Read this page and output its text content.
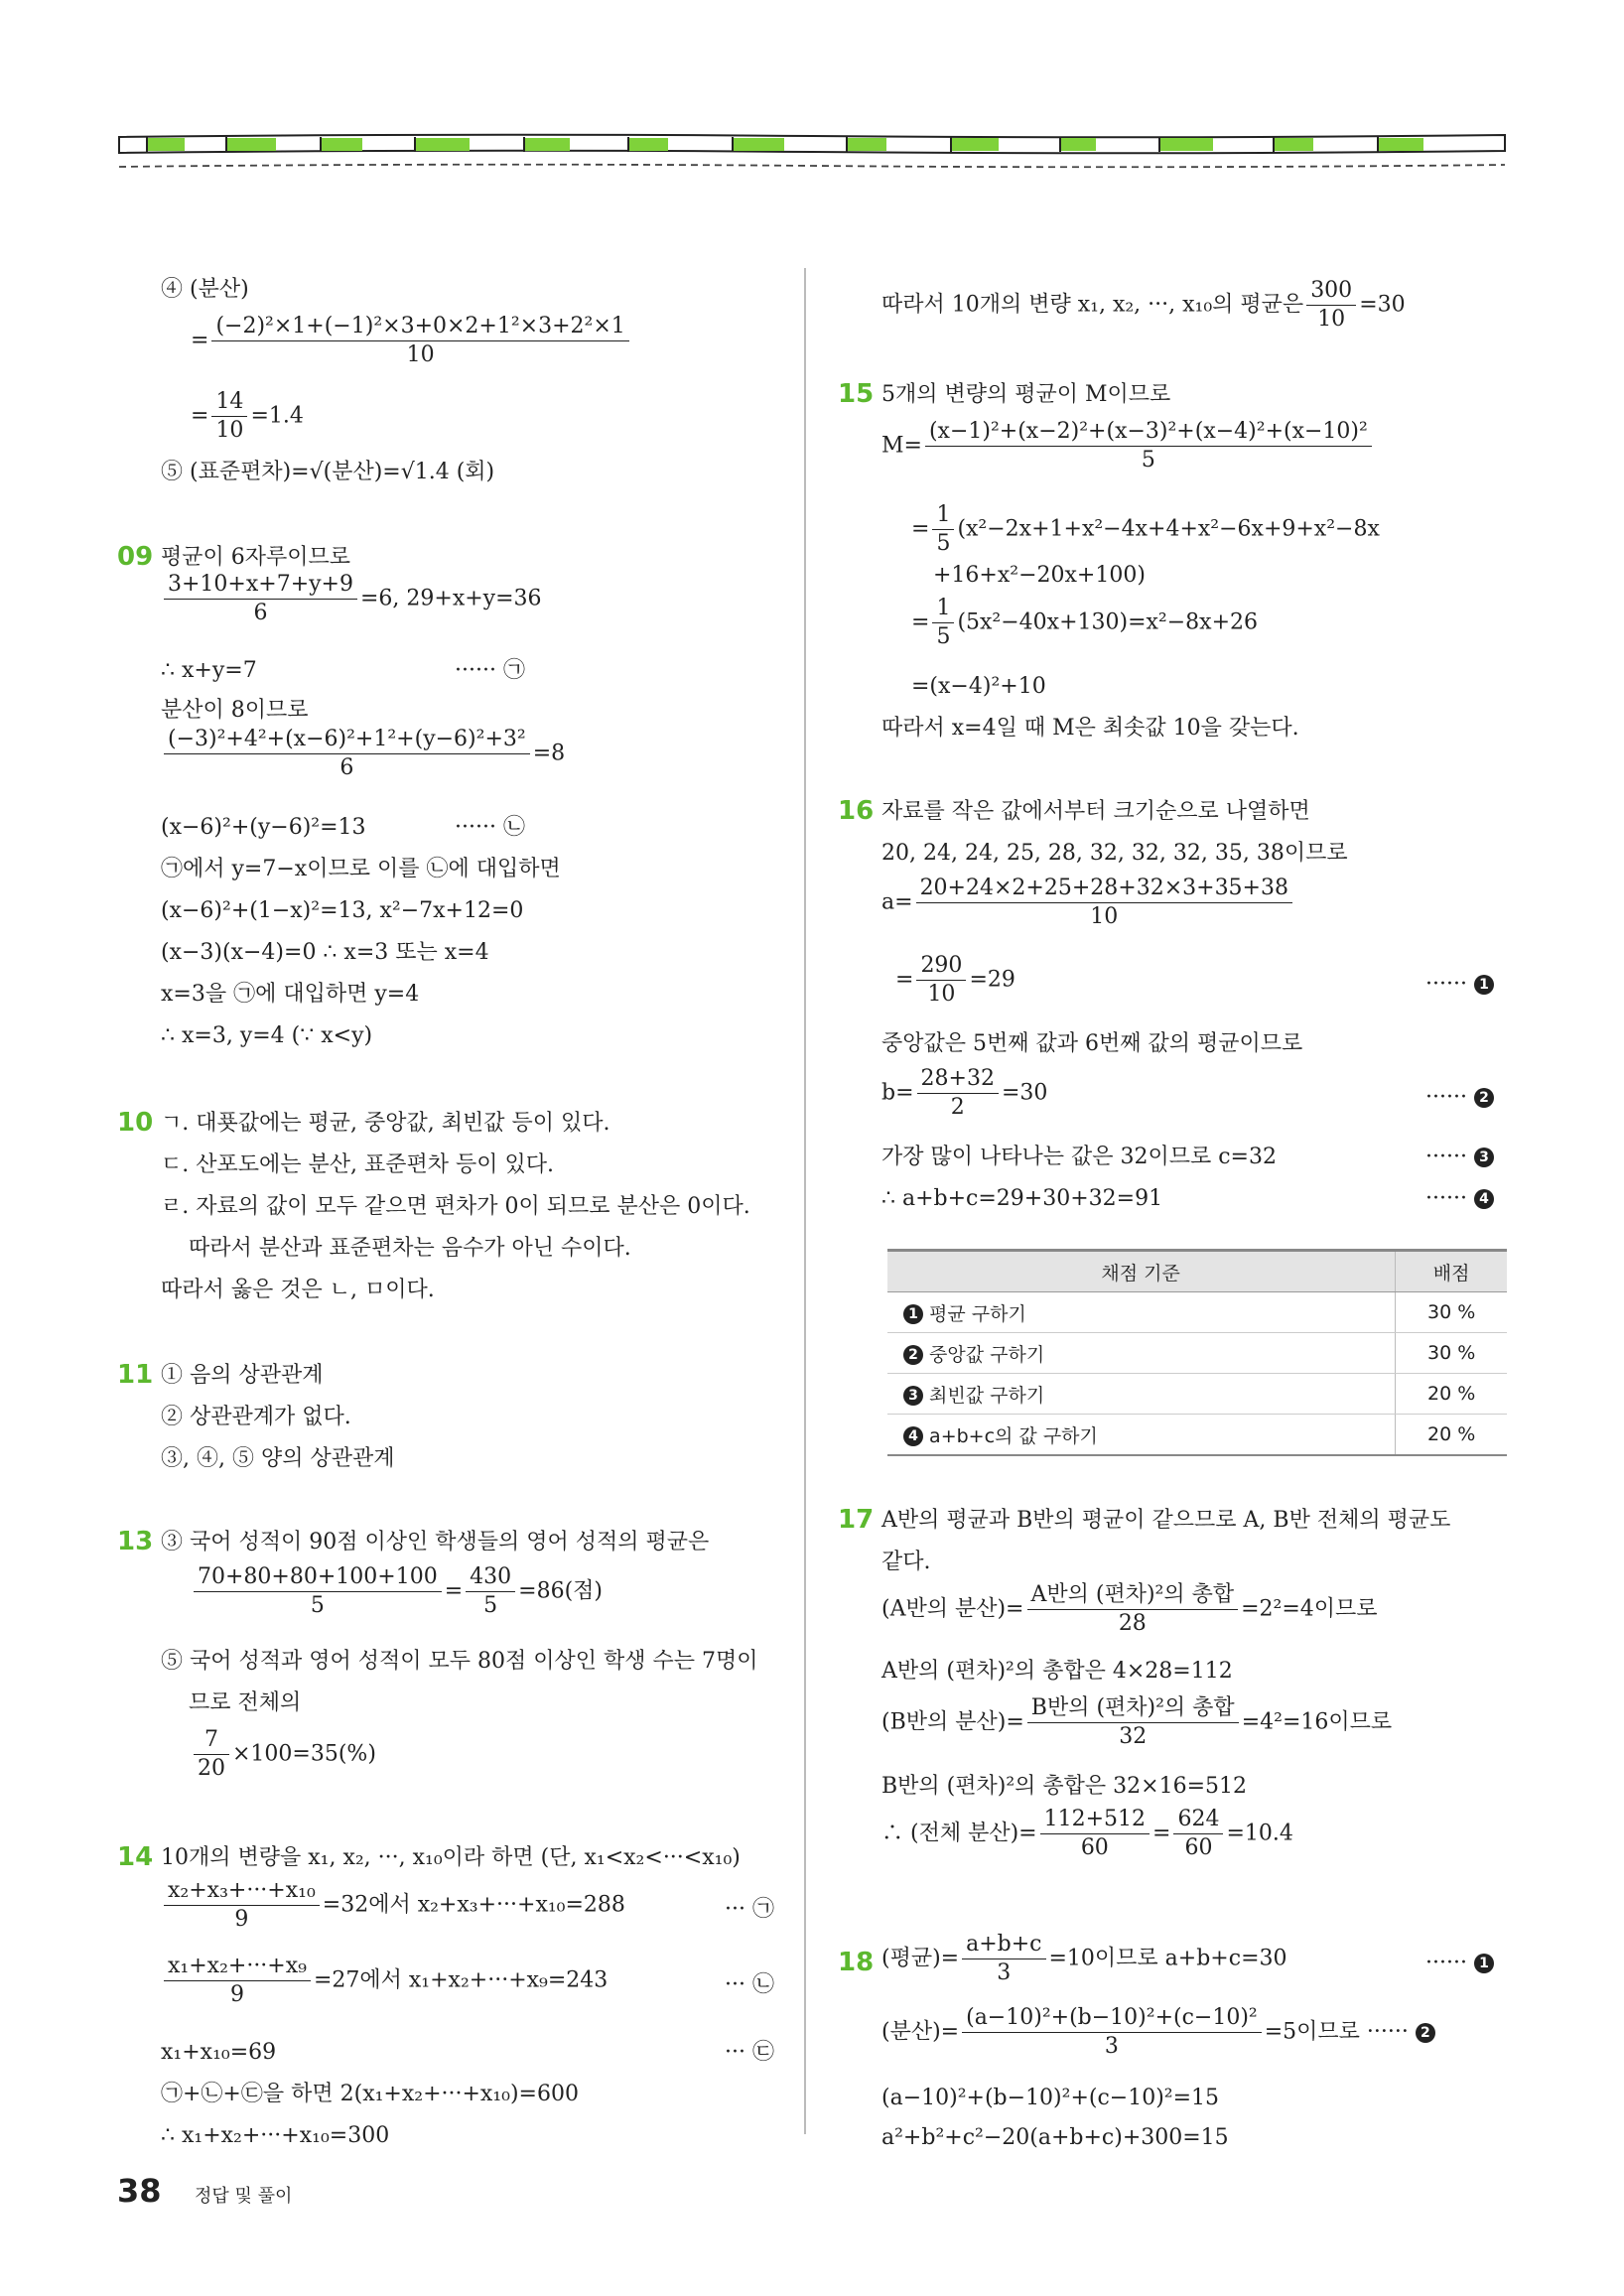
④ (분산)
= $\frac{\text{(−2)²×1+(−1)²×3+0×2+1²×3+2²×1}}{10}$
= $\frac{14}{10} =1.4$
⑤ (표준편차)=√(분산)=√1.4 (회)
09 평균이 6자루이므로
$\frac{3+10+x+7+y+9}{6} =6$, 29+x+y=36
∴ x+y=7	······ ㉠
분산이 8이므로
$\frac{\text{(−3)²+4²+(x−6)²+1²+(y−6)²+3²}}{6} =8$
(x−6)²+(y−6)²=13	······ ㉡
㉠에서 y=7−x이므로 이를 ㉡에 대입하면
(x−6)²+(1−x)²=13, x²−7x+12=0
(x−3)(x−4)=0 ∴ x=3 또는 x=4
x=3을 ㉠에 대입하면 y=4
∴ x=3, y=4 (∵ x<y)
10 ㄱ. 대푯값에는 평균, 중앙값, 최빈값 등이 있다.
ㄷ. 산포도에는 분산, 표준편차 등이 있다.
ㄹ. 자료의 값이 모두 같으면 편차가 0이 되므로 분산은 0이다.
따라서 분산과 표준편차는 음수가 아닌 수이다.
따라서 옳은 것은 ㄴ, ㅁ이다.
11 ① 음의 상관관계
② 상관관계가 없다.
③, ④, ⑤ 양의 상관관계
13 ③ 국어 성적이 90점 이상인 학생들의 영어 성적의 평균은
$\frac{70+80+80+100+100}{5} = \frac{430}{5} =86$(점)
⑤ 국어 성적과 영어 성적이 모두 80점 이상인 학생 수는 7명이
므로 전체의
$\frac{7}{20} \times 100=35(\%)$
14 10개의 변량을 x₁, x₂, ···, x₁₀이라 하면 (단, x₁<x₂<···<x₁₀)
$\frac{\text{x₂+x₃+···+x₁₀}}{9} =32$에서 x₂+x₃+···+x₁₀=288	··· ㉠
$\frac{\text{x₁+x₂+···+x₉}}{9} =27$에서 x₁+x₂+···+x₉=243	··· ㉡
x₁+x₁₀=69	··· ㉢
㉠+㉡+㉢을 하면 2(x₁+x₂+···+x₁₀)=600
∴ x₁+x₂+···+x₁₀=300
따라서 10개의 변량 x₁, x₂, ···, x₁₀의 평균은 $\frac{300}{10} =30$
15 5개의 변량의 평균이 M이므로
$M= \frac{\text{(x−1)²+(x−2)²+(x−3)²+(x−4)²+(x−10)²}}{5}$
= $\frac{1}{5} (x^2-2x+1+x^2-4x+4+x^2-6x+9+x^2-8x$
+16+x²−20x+100)
= $\frac{1}{5} (5x^2-40x+130)=x^2-8x+26$
=(x−4)²+10
따라서 x=4일 때 M은 최솟값 10을 갖는다.
16 자료를 작은 값에서부터 크기순으로 나열하면
20, 24, 24, 25, 28, 32, 32, 32, 35, 38이므로
$a= \frac{20+24\times 2+25+28+32\times 3+35+38}{10}$
= $\frac{290}{10} =29$	······ 1
중앙값은 5번째 값과 6번째 값의 평균이므로
$b= \frac{28+32}{2} =30$	······ 2
가장 많이 나타나는 값은 32이므로 c=32	······ 3
∴ a+b+c=29+30+32=91	······ 4
채점 기준	배점
1 평균 구하기	30 %
2 중앙값 구하기	30 %
3 최빈값 구하기	20 %
4 a+b+c의 값 구하기	20 %
17 A반의 평균과 B반의 평균이 같으므로 A, B반 전체의 평균도
같다.
(A반의 분산)= $\frac{\text{A반의 (편차)²의 총합}}{28} =2^2=4$이므로
A반의 (편차)²의 총합은 4×28=112
(B반의 분산)= $\frac{\text{B반의 (편차)²의 총합}}{32} =4^2=16$이므로
B반의 (편차)²의 총합은 32×16=512
∴ (전체 분산)= $\frac{112+512}{60} = \frac{624}{60} =10.4$
18 (평균)= $\frac{a+b+c}{3} =10$이므로 a+b+c=30	······ 1
(분산)= $\frac{\text{(a−10)²+(b−10)²+(c−10)²}}{3} =5$이므로 ······ 2
(a−10)²+(b−10)²+(c−10)²=15
a²+b²+c²−20(a+b+c)+300=15
38 정답 및 풀이
